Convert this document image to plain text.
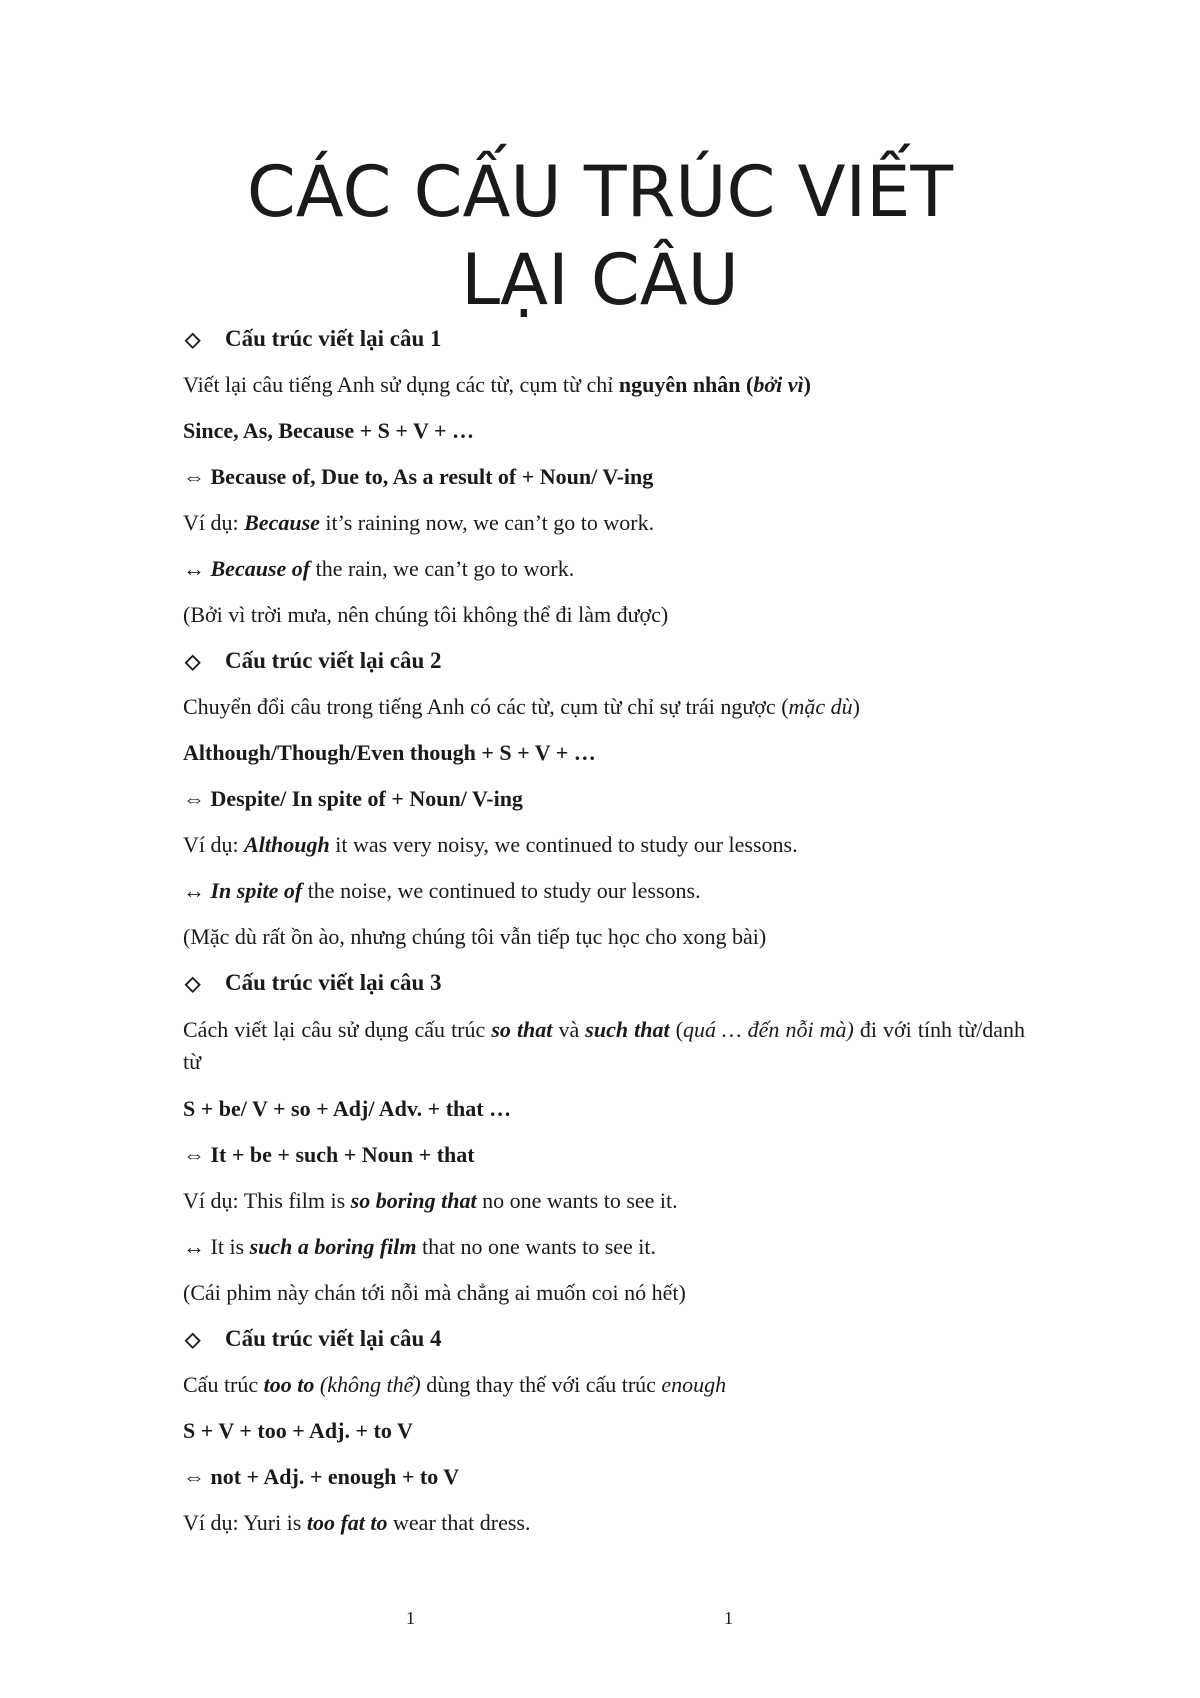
CÁC CẤU TRÚC VIẾT
LẠI CÂU

◇ Cấu trúc viết lại câu 1

Viết lại câu tiếng Anh sử dụng các từ, cụm từ chỉ nguyên nhân (bởi vì)

Since, As, Because + S + V + …

⇔ Because of, Due to, As a result of + Noun/ V-ing

Ví dụ: Because it’s raining now, we can’t go to work.

↔ Because of the rain, we can’t go to work.

(Bởi vì trời mưa, nên chúng tôi không thể đi làm được)

◇ Cấu trúc viết lại câu 2

Chuyển đổi câu trong tiếng Anh có các từ, cụm từ chỉ sự trái ngược (mặc dù)

Although/Though/Even though + S + V + …

⇔ Despite/ In spite of + Noun/ V-ing

Ví dụ: Although it was very noisy, we continued to study our lessons.

↔ In spite of the noise, we continued to study our lessons.

(Mặc dù rất ồn ào, nhưng chúng tôi vẫn tiếp tục học cho xong bài)

◇ Cấu trúc viết lại câu 3

Cách viết lại câu sử dụng cấu trúc so that và such that (quá … đến nỗi mà) đi với tính từ/danh từ

S + be/ V + so + Adj/ Adv. + that …

⇔ It + be + such + Noun + that

Ví dụ: This film is so boring that no one wants to see it.

↔ It is such a boring film that no one wants to see it.

(Cái phim này chán tới nỗi mà chẳng ai muốn coi nó hết)

◇ Cấu trúc viết lại câu 4

Cấu trúc too to (không thể) dùng thay thế với cấu trúc enough

S + V + too + Adj. + to V

⇔ not + Adj. + enough + to V

Ví dụ: Yuri is too fat to wear that dress.

1	1
